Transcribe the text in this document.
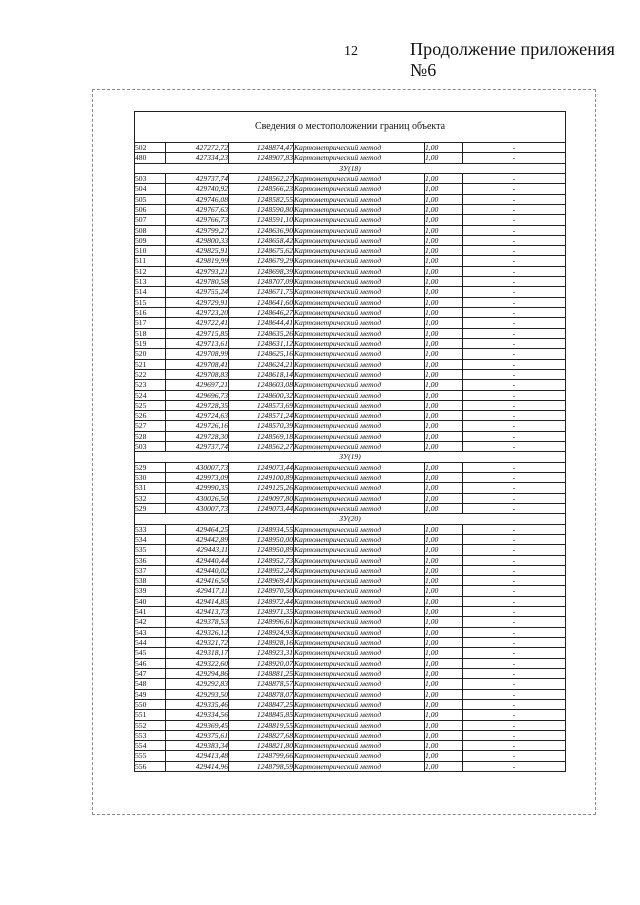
12	Продолжение приложения №6
Сведения о местоположении границ объекта					
502	427272,72	1248874,47	Картометрический метод	1,00	-
480	427334,23	1248907,83	Картометрический метод	1,00	-
ЗУ(18)					
503	429737,74	1248562,27	Картометрический метод	1,00	-
504	429740,92	1248566,23	Картометрический метод	1,00	-
505	429746,08	1248582,55	Картометрический метод	1,00	-
506	429767,63	1248590,80	Картометрический метод	1,00	-
507	429766,73	1248591,10	Картометрический метод	1,00	-
508	429799,27	1248636,90	Картометрический метод	1,00	-
509	429800,33	1248658,42	Картометрический метод	1,00	-
510	429825,91	1248675,62	Картометрический метод	1,00	-
511	429819,99	1248679,29	Картометрический метод	1,00	-
512	429793,21	1248698,39	Картометрический метод	1,00	-
513	429780,58	1248707,09	Картометрический метод	1,00	-
514	429755,24	1248671,75	Картометрический метод	1,00	-
515	429729,91	1248641,60	Картометрический метод	1,00	-
516	429723,20	1248646,27	Картометрический метод	1,00	-
517	429722,41	1248644,41	Картометрический метод	1,00	-
518	429715,85	1248635,26	Картометрический метод	1,00	-
519	429713,61	1248631,12	Картометрический метод	1,00	-
520	429708,99	1248625,16	Картометрический метод	1,00	-
521	429708,41	1248624,21	Картометрический метод	1,00	-
522	429708,83	1248618,14	Картометрический метод	1,00	-
523	429697,21	1248603,08	Картометрический метод	1,00	-
524	429696,73	1248600,32	Картометрический метод	1,00	-
525	429728,35	1248573,69	Картометрический метод	1,00	-
526	429724,63	1248571,24	Картометрический метод	1,00	-
527	429726,16	1248570,39	Картометрический метод	1,00	-
528	429728,30	1248569,18	Картометрический метод	1,00	-
503	429737,74	1248562,27	Картометрический метод	1,00	-
ЗУ(19)					
529	430007,73	1249073,44	Картометрический метод	1,00	-
530	429973,09	1249100,89	Картометрический метод	1,00	-
531	429990,35	1249125,26	Картометрический метод	1,00	-
532	430026,50	1249097,80	Картометрический метод	1,00	-
529	430007,73	1249073,44	Картометрический метод	1,00	-
ЗУ(20)					
533	429464,25	1248934,55	Картометрический метод	1,00	-
534	429442,89	1248950,00	Картометрический метод	1,00	-
535	429443,11	1248950,89	Картометрический метод	1,00	-
536	429440,44	1248952,73	Картометрический метод	1,00	-
537	429440,02	1248952,24	Картометрический метод	1,00	-
538	429416,50	1248969,41	Картометрический метод	1,00	-
539	429417,11	1248970,50	Картометрический метод	1,00	-
540	429414,85	1248972,44	Картометрический метод	1,00	-
541	429413,73	1248971,35	Картометрический метод	1,00	-
542	429378,53	1248996,61	Картометрический метод	1,00	-
543	429326,12	1248924,93	Картометрический метод	1,00	-
544	429321,72	1248928,16	Картометрический метод	1,00	-
545	429318,17	1248923,31	Картометрический метод	1,00	-
546	429322,60	1248920,07	Картометрический метод	1,00	-
547	429294,86	1248881,25	Картометрический метод	1,00	-
548	429292,83	1248878,57	Картометрический метод	1,00	-
549	429293,50	1248878,07	Картометрический метод	1,00	-
550	429335,46	1248847,25	Картометрический метод	1,00	-
551	429334,56	1248845,85	Картометрический метод	1,00	-
552	429369,45	1248819,55	Картометрический метод	1,00	-
553	429375,61	1248827,68	Картометрический метод	1,00	-
554	429383,34	1248821,80	Картометрический метод	1,00	-
555	429413,48	1248799,66	Картометрический метод	1,00	-
556	429414,96	1248798,59	Картометрический метод	1,00	-
